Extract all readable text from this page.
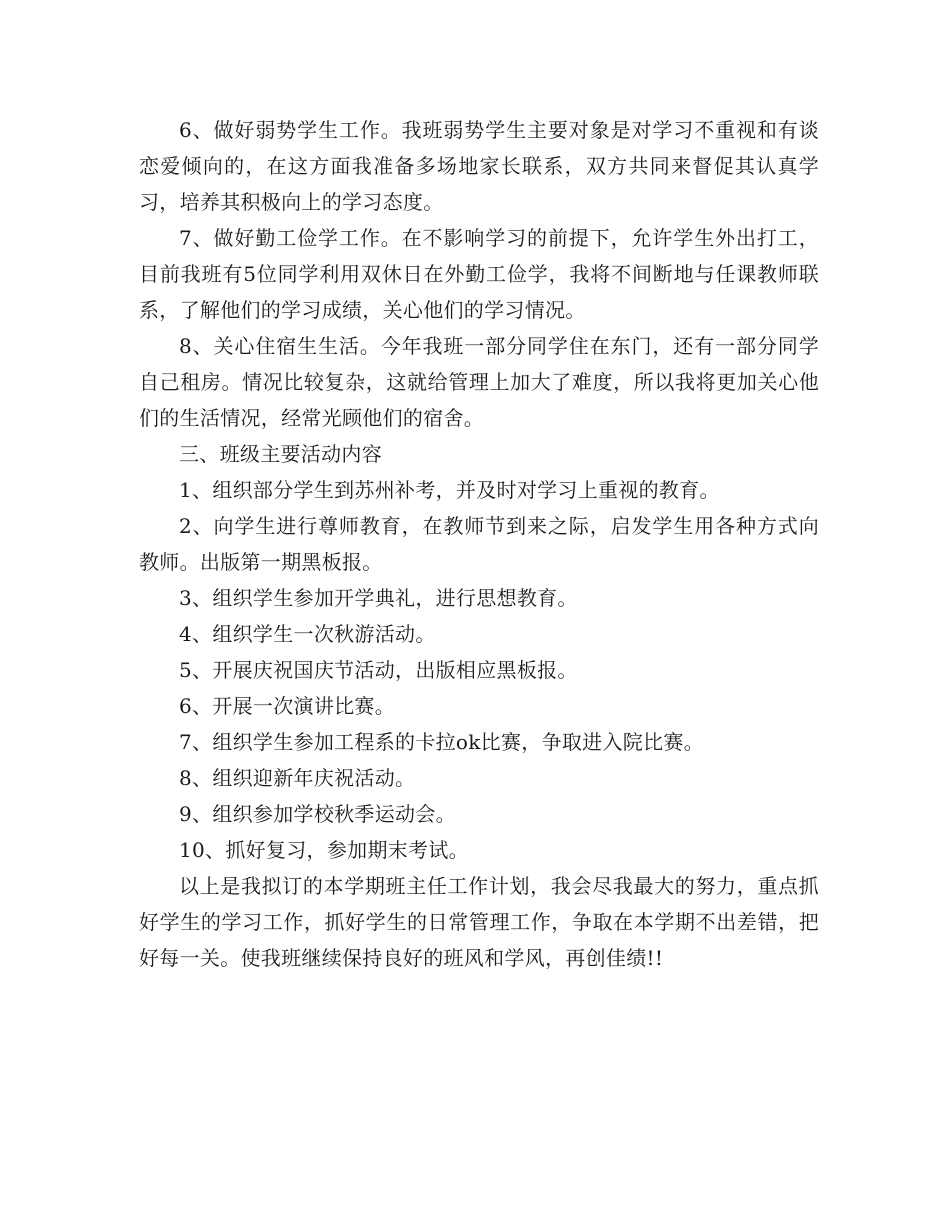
6、做好弱势学生工作。我班弱势学生主要对象是对学习不重视和有谈恋爱倾向的，在这方面我准备多场地家长联系，双方共同来督促其认真学习，培养其积极向上的学习态度。

7、做好勤工俭学工作。在不影响学习的前提下，允许学生外出打工，目前我班有5位同学利用双休日在外勤工俭学，我将不间断地与任课教师联系，了解他们的学习成绩，关心他们的学习情况。

8、关心住宿生生活。今年我班一部分同学住在东门，还有一部分同学自己租房。情况比较复杂，这就给管理上加大了难度，所以我将更加关心他们的生活情况，经常光顾他们的宿舍。

三、班级主要活动内容

1、组织部分学生到苏州补考，并及时对学习上重视的教育。

2、向学生进行尊师教育，在教师节到来之际，启发学生用各种方式向教师。出版第一期黑板报。

3、组织学生参加开学典礼，进行思想教育。

4、组织学生一次秋游活动。

5、开展庆祝国庆节活动，出版相应黑板报。

6、开展一次演讲比赛。

7、组织学生参加工程系的卡拉ok比赛，争取进入院比赛。

8、组织迎新年庆祝活动。

9、组织参加学校秋季运动会。

10、抓好复习，参加期末考试。

以上是我拟订的本学期班主任工作计划，我会尽我最大的努力，重点抓好学生的学习工作，抓好学生的日常管理工作，争取在本学期不出差错，把好每一关。使我班继续保持良好的班风和学风，再创佳绩!!
